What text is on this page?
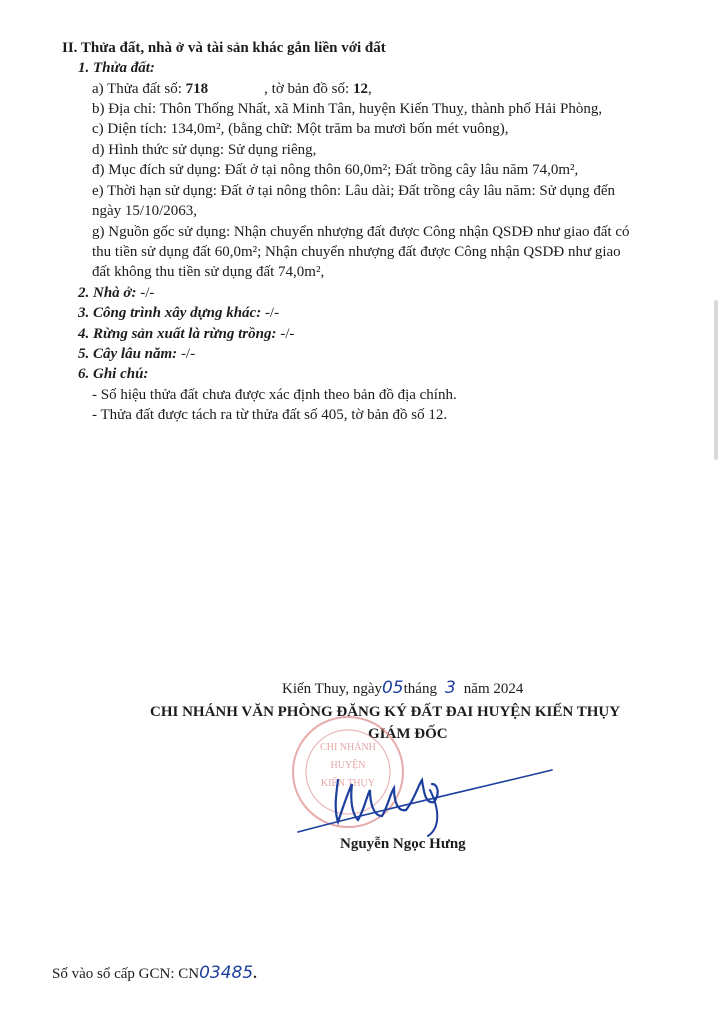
II. Thửa đất, nhà ở và tài sản khác gắn liền với đất
1. Thửa đất:
a) Thửa đất số: 718	, tờ bản đồ số: 12,
b) Địa chỉ: Thôn Thống Nhất, xã Minh Tân, huyện Kiến Thuỵ, thành phố Hải Phòng,
c) Diện tích: 134,0m², (bằng chữ: Một trăm ba mươi bốn mét vuông),
d) Hình thức sử dụng: Sử dụng riêng,
đ) Mục đích sử dụng: Đất ở tại nông thôn 60,0m²; Đất trồng cây lâu năm 74,0m²,
e) Thời hạn sử dụng: Đất ở tại nông thôn: Lâu dài; Đất trồng cây lâu năm: Sử dụng đến
ngày 15/10/2063,
g) Nguồn gốc sử dụng: Nhận chuyển nhượng đất được Công nhận QSDĐ như giao đất có
thu tiền sử dụng đất 60,0m²; Nhận chuyển nhượng đất được Công nhận QSDĐ như giao
đất không thu tiền sử dụng đất 74,0m²,
2. Nhà ở: -/-
3. Công trình xây dựng khác: -/-
4. Rừng sản xuất là rừng trồng: -/-
5. Cây lâu năm: -/-
6. Ghi chú:
- Số hiệu thửa đất chưa được xác định theo bản đồ địa chính.
- Thửa đất được tách ra từ thửa đất số 405, tờ bản đồ số 12.
Kiến Thuy, ngày05tháng 3 năm 2024
CHI NHÁNH VĂN PHÒNG ĐĂNG KÝ ĐẤT ĐAI HUYỆN KIẾN THỤY
GIÁM ĐỐC
CHI NHÁNH
HUYỆN
KIẾN THỤY
Nguyễn Ngọc Hưng
Số vào sổ cấp GCN: CN03485.
